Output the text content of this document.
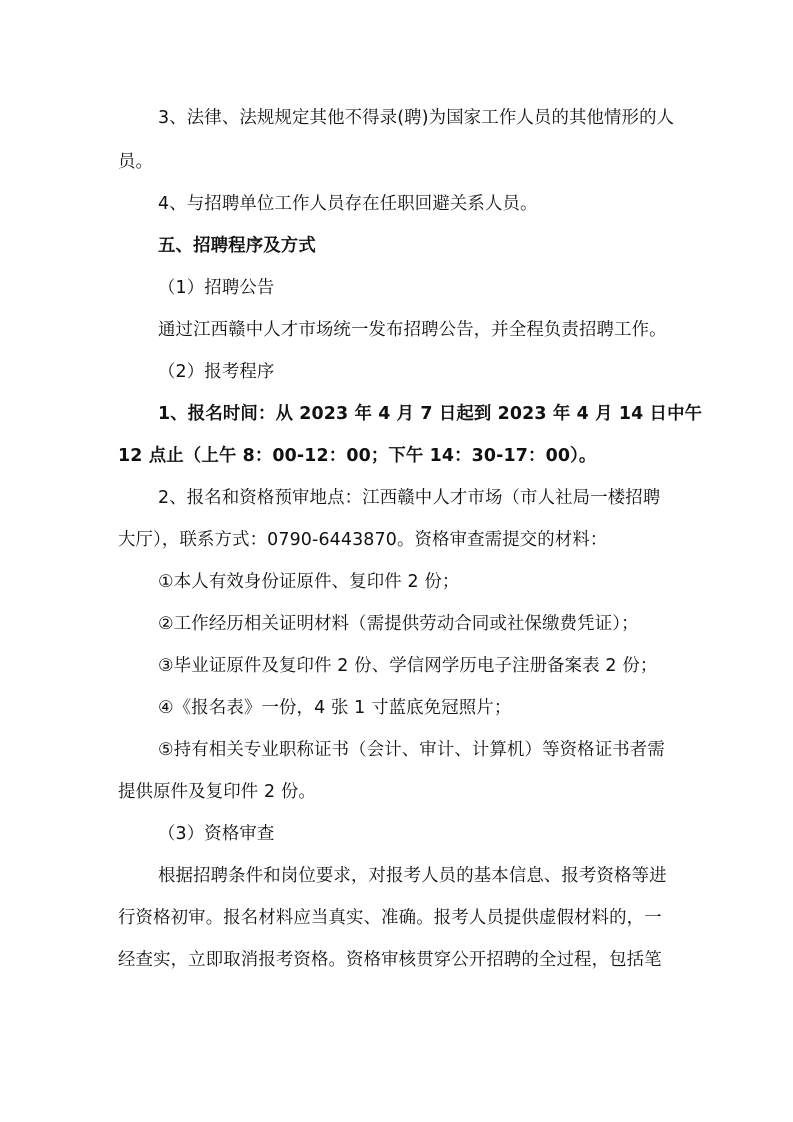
3、法律、法规规定其他不得录(聘)为国家工作人员的其他情形的人
员。
4、与招聘单位工作人员存在任职回避关系人员。
五、招聘程序及方式
（1）招聘公告
通过江西赣中人才市场统一发布招聘公告，并全程负责招聘工作。
（2）报考程序
1、报名时间：从 2023 年 4 月 7 日起到 2023 年 4 月 14 日中午
12 点止（上午 8：00-12：00；下午 14：30-17：00）。
2、报名和资格预审地点：江西赣中人才市场（市人社局一楼招聘
大厅），联系方式：0790-6443870。资格审查需提交的材料：
①本人有效身份证原件、复印件 2 份；
②工作经历相关证明材料（需提供劳动合同或社保缴费凭证）；
③毕业证原件及复印件 2 份、学信网学历电子注册备案表 2 份；
④《报名表》一份，4 张 1 寸蓝底免冠照片；
⑤持有相关专业职称证书（会计、审计、计算机）等资格证书者需
提供原件及复印件 2 份。
（3）资格审查
根据招聘条件和岗位要求，对报考人员的基本信息、报考资格等进
行资格初审。报名材料应当真实、准确。报考人员提供虚假材料的，一
经查实，立即取消报考资格。资格审核贯穿公开招聘的全过程，包括笔
